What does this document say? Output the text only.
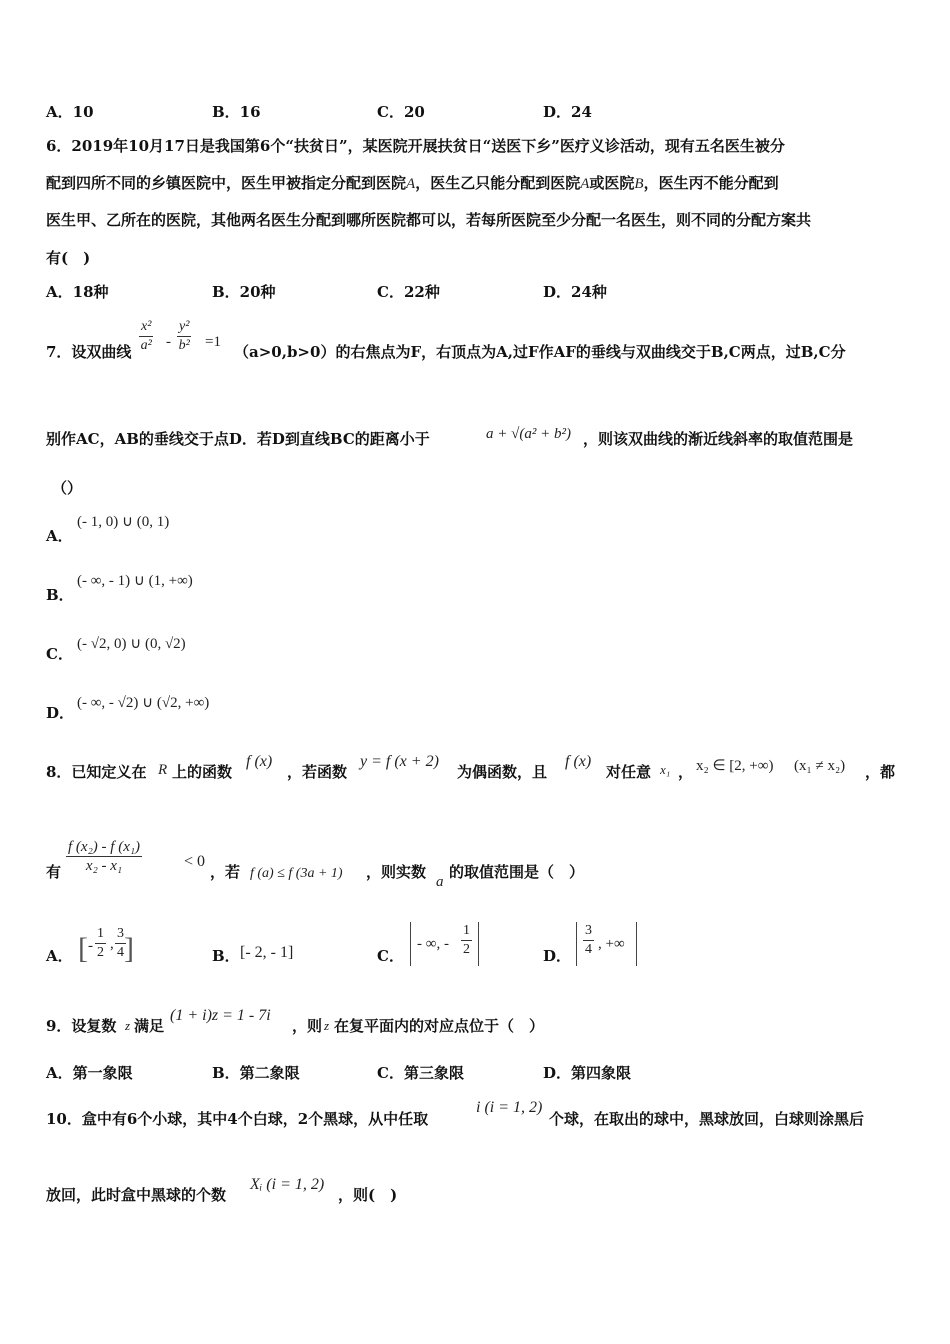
A．10	B．16	C．20	D．24
6．2019年10月17日是我国第6个“扶贫日”，某医院开展扶贫日“送医下乡”医疗义诊活动，现有五名医生被分
配到四所不同的乡镇医院中，医生甲被指定分配到医院A，医生乙只能分配到医院A或医院B，医生丙不能分配到
医生甲、乙所在的医院，其他两名医生分配到哪所医院都可以，若每所医院至少分配一名医生，则不同的分配方案共
有(　)
A．18种	B．20种	C．22种	D．24种
7．设双曲线 $\frac{\text{x²}}{\text{a²}} - \frac{\text{y²}}{\text{b²}} =1$
（a>0,b>0）的右焦点为F，右顶点为A,过F作AF的垂线与双曲线交于B,C两点，过B,C分
别作AC，AB的垂线交于点D．若D到直线BC的距离小于	a + √(a² + b²) ，则该双曲线的渐近线斜率的取值范围是
（）
A．
(- 1, 0) ∪ (0, 1)
B．
(- ∞, - 1) ∪ (1, +∞)
C．
(- √2, 0) ∪ (0, √2)
D．
(- ∞, - √2) ∪ (√2, +∞)
8．已知定义在 R 上的函数
f (x)
，若函数
y = f (x + 2)
为偶函数，且
f (x)
对任意 x₁ ， x₂ ∈ [2, +∞) (x₁ ≠ x₂) ，都
有 $\frac{\text{f (x₂) - f (x₁)}}{\text{x₂ - x₁}}$	< 0
，若 f (a) ≤ f (3a + 1) ，则实数
a
的取值范围是（　）
A． [ - $\frac{1}{2}$ , $\frac{3}{4}$
]	B． [- 2, - 1]	C．
- ∞, - $\frac{1}{2}$	D． $\frac{3}{4}$ , +∞
9．设复数 z 满足
(1 + i)z = 1 - 7i
，则 z 在复平面内的对应点位于（　）
A．第一象限	B．第二象限	C．第三象限	D．第四象限
10．盒中有6个小球，其中4个白球，2个黑球，从中任取
i (i = 1, 2)
个球，在取出的球中，黑球放回，白球则涂黑后
放回，此时盒中黑球的个数
Xᵢ (i = 1, 2)
，则(　)
